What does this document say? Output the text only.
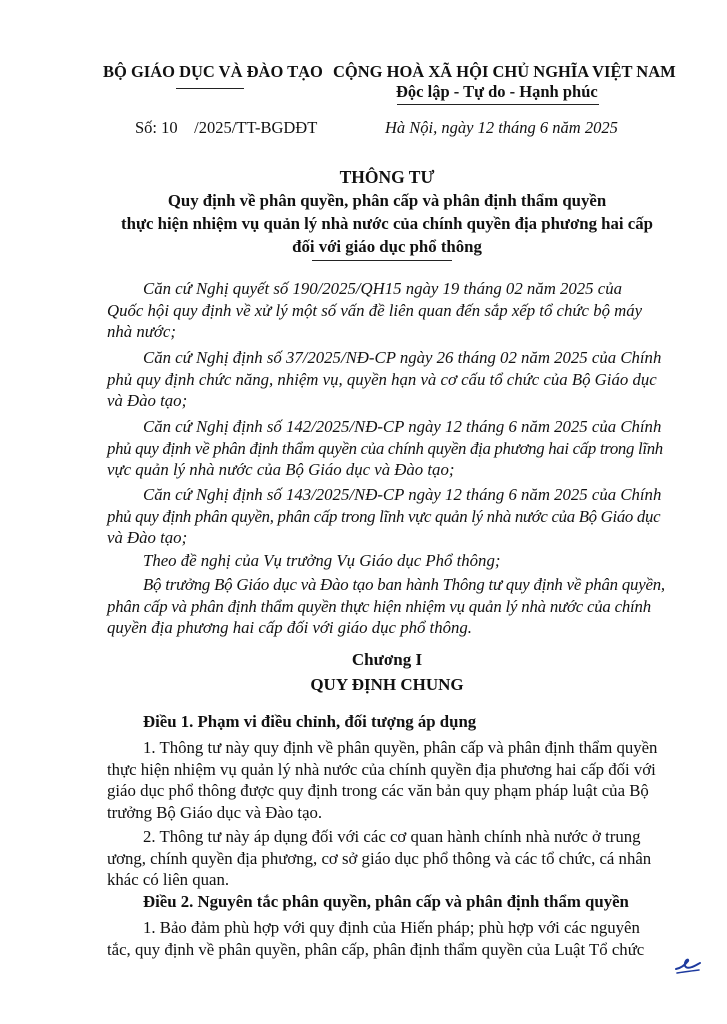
BỘ GIÁO DỤC VÀ ĐÀO TẠO CỘNG HOÀ XÃ HỘI CHỦ NGHĨA VIỆT NAM
Độc lập - Tự do - Hạnh phúc
Số: 10    /2025/TT-BGDĐT	Hà Nội, ngày 12 tháng 6 năm 2025
THÔNG TƯ
Quy định về phân quyền, phân cấp và phân định thẩm quyền
thực hiện nhiệm vụ quản lý nhà nước của chính quyền địa phương hai cấp
đối với giáo dục phổ thông
Căn cứ Nghị quyết số 190/2025/QH15 ngày 19 tháng 02 năm 2025 của
Quốc hội quy định về xử lý một số vấn đề liên quan đến sắp xếp tổ chức bộ máy
nhà nước;
Căn cứ Nghị định số 37/2025/NĐ-CP ngày 26 tháng 02 năm 2025 của Chính
phủ quy định chức năng, nhiệm vụ, quyền hạn và cơ cấu tổ chức của Bộ Giáo dục
và Đào tạo;
Căn cứ Nghị định số 142/2025/NĐ-CP ngày 12 tháng 6 năm 2025 của Chính
phủ quy định về phân định thẩm quyền của chính quyền địa phương hai cấp trong lĩnh
vực quản lý nhà nước của Bộ Giáo dục và Đào tạo;
Căn cứ Nghị định số 143/2025/NĐ-CP ngày 12 tháng 6 năm 2025 của Chính
phủ quy định phân quyền, phân cấp trong lĩnh vực quản lý nhà nước của Bộ Giáo dục
và Đào tạo;
Theo đề nghị của Vụ trưởng Vụ Giáo dục Phổ thông;
Bộ trưởng Bộ Giáo dục và Đào tạo ban hành Thông tư quy định về phân quyền,
phân cấp và phân định thẩm quyền thực hiện nhiệm vụ quản lý nhà nước của chính
quyền địa phương hai cấp đối với giáo dục phổ thông.
Chương I
QUY ĐỊNH CHUNG
Điều 1. Phạm vi điều chỉnh, đối tượng áp dụng
1. Thông tư này quy định về phân quyền, phân cấp và phân định thẩm quyền
thực hiện nhiệm vụ quản lý nhà nước của chính quyền địa phương hai cấp đối với
giáo dục phổ thông được quy định trong các văn bản quy phạm pháp luật của Bộ
trưởng Bộ Giáo dục và Đào tạo.
2. Thông tư này áp dụng đối với các cơ quan hành chính nhà nước ở trung
ương, chính quyền địa phương, cơ sở giáo dục phổ thông và các tổ chức, cá nhân
khác có liên quan.
Điều 2. Nguyên tắc phân quyền, phân cấp và phân định thẩm quyền
1. Bảo đảm phù hợp với quy định của Hiến pháp; phù hợp với các nguyên
tắc, quy định về phân quyền, phân cấp, phân định thẩm quyền của Luật Tổ chức
